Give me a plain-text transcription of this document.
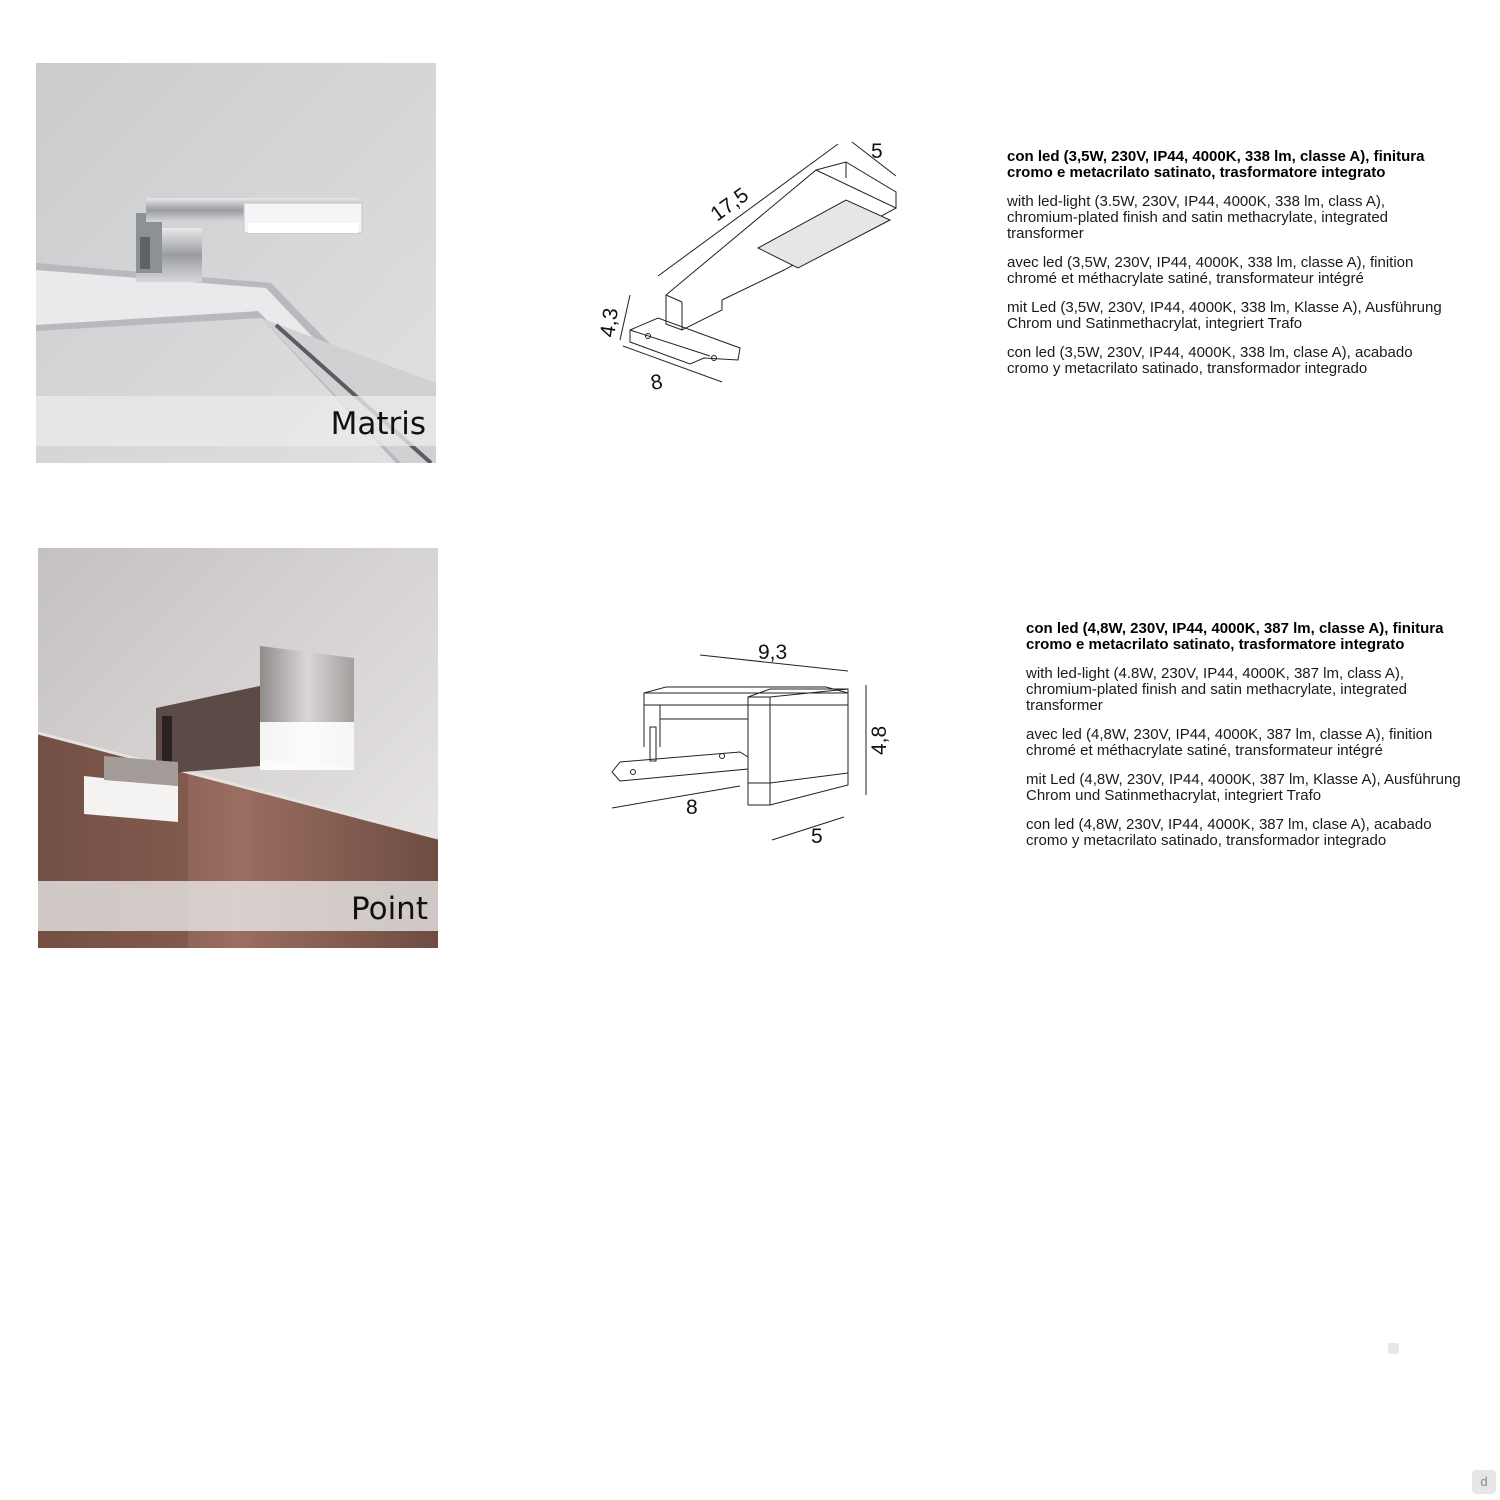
Matris
17,5
5
4,3
8

con led (3,5W, 230V, IP44, 4000K, 338 lm, classe A), finitura cromo e metacrilato satinato, trasformatore integrato

with led-light (3.5W, 230V, IP44, 4000K, 338 lm, class A), chromium-plated finish and satin methacrylate, integrated transformer

avec led (3,5W, 230V, IP44, 4000K, 338 lm, classe A), finition chromé et méthacrylate satiné, transformateur intégré

mit Led (3,5W, 230V, IP44, 4000K, 338 lm, Klasse A), Ausführung Chrom und Satinmethacrylat, integriert Trafo

con led (3,5W, 230V, IP44, 4000K, 338 lm, clase A), acabado cromo y metacrilato satinado, transformador integrado

Point
9,3
4,8
8
5

con led (4,8W, 230V, IP44, 4000K, 387 lm, classe A), finitura cromo e metacrilato satinato, trasformatore integrato

with led-light (4.8W, 230V, IP44, 4000K, 387 lm, class A), chromium-plated finish and satin methacrylate, integrated transformer

avec led (4,8W, 230V, IP44, 4000K, 387 lm, classe A), finition chromé et méthacrylate satiné, transformateur intégré

mit Led (4,8W, 230V, IP44, 4000K, 387 lm, Klasse A), Ausführung Chrom und Satinmethacrylat, integriert Trafo

con led (4,8W, 230V, IP44, 4000K, 387 lm, clase A), acabado cromo y metacrilato satinado, transformador integrado

d
